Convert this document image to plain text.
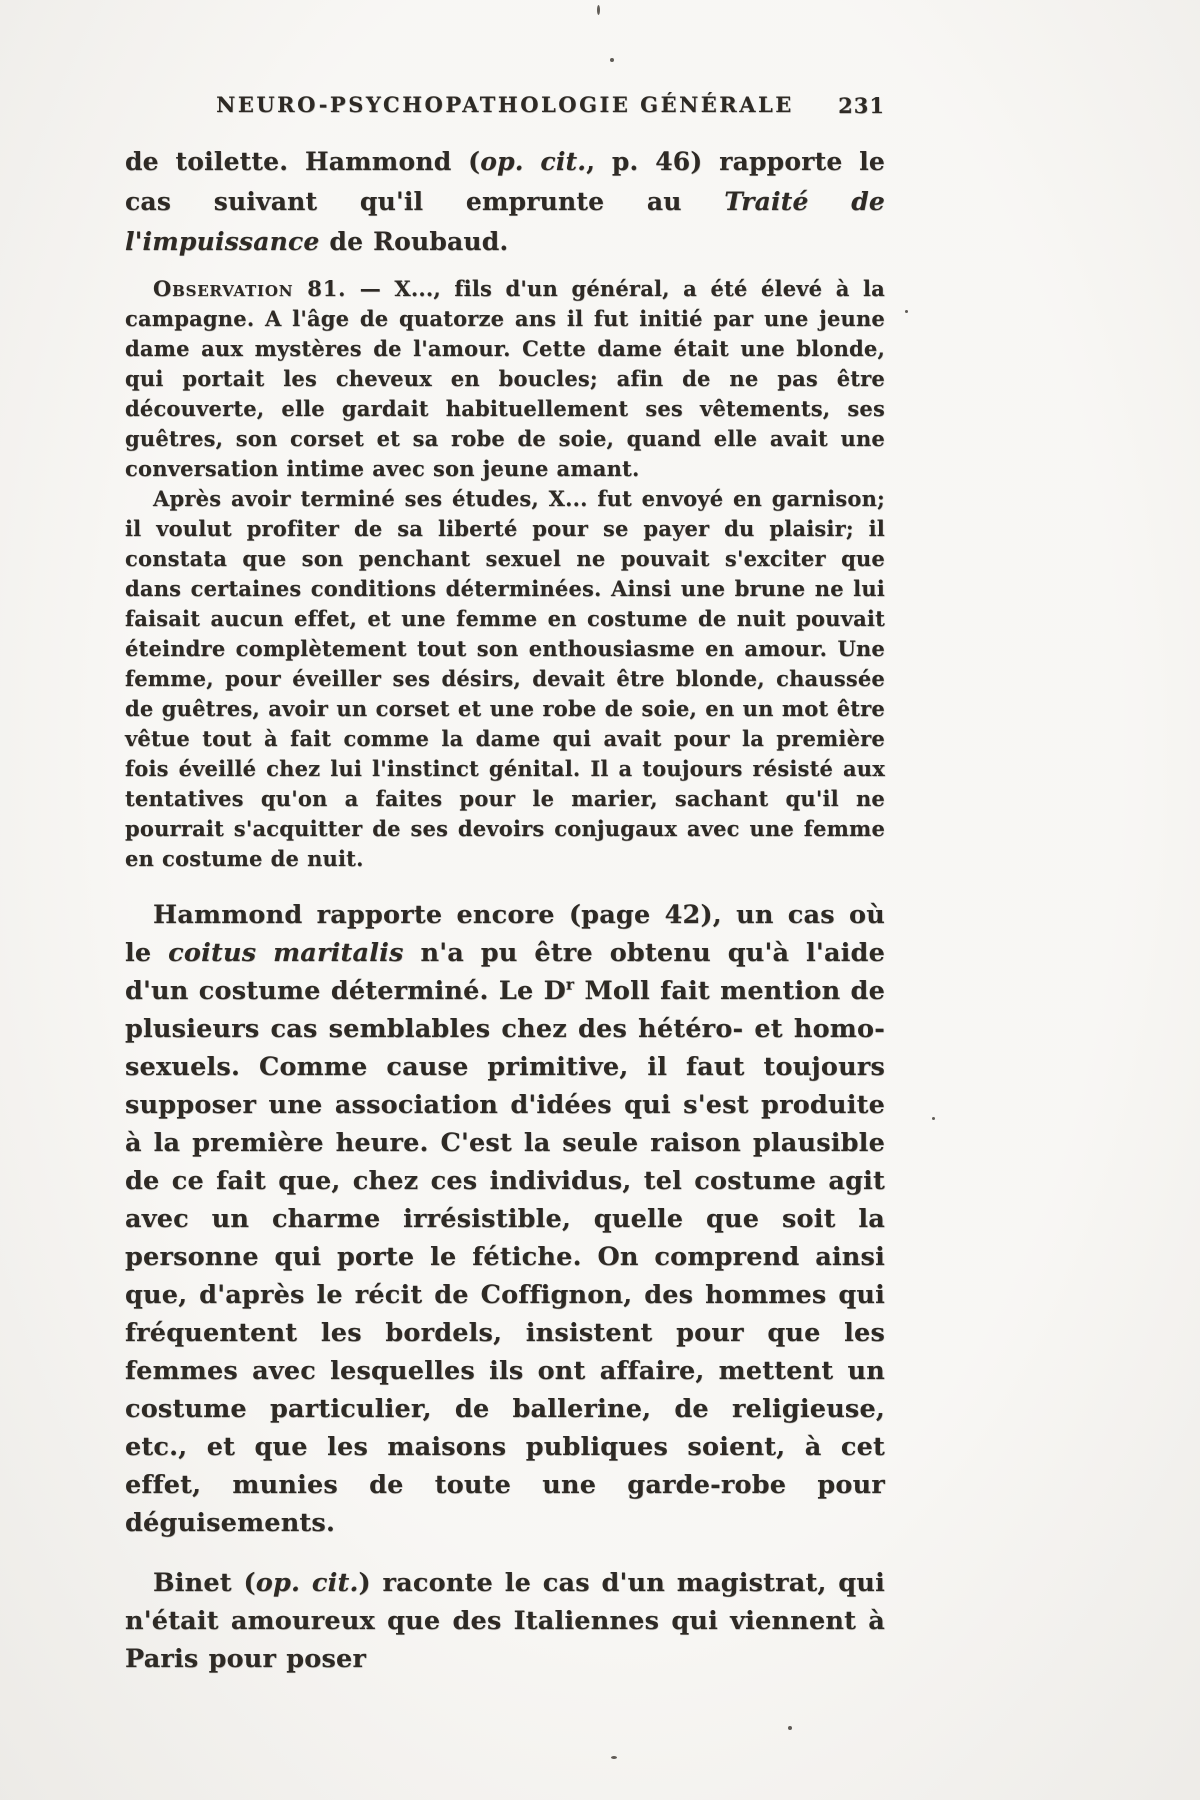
NEURO-PSYCHOPATHOLOGIE GÉNÉRALE 231

de toilette. Hammond (op. cit., p. 46) rapporte le cas suivant qu'il emprunte au Traité de l'impuissance de Roubaud.

Observation 81. — X..., fils d'un général, a été élevé à la campagne. A l'âge de quatorze ans il fut initié par une jeune dame aux mystères de l'amour. Cette dame était une blonde, qui portait les cheveux en boucles; afin de ne pas être découverte, elle gardait habituellement ses vêtements, ses guêtres, son corset et sa robe de soie, quand elle avait une conversation intime avec son jeune amant.

Après avoir terminé ses études, X... fut envoyé en garnison; il voulut profiter de sa liberté pour se payer du plaisir; il constata que son penchant sexuel ne pouvait s'exciter que dans certaines conditions déterminées. Ainsi une brune ne lui faisait aucun effet, et une femme en costume de nuit pouvait éteindre complètement tout son enthousiasme en amour. Une femme, pour éveiller ses désirs, devait être blonde, chaussée de guêtres, avoir un corset et une robe de soie, en un mot être vêtue tout à fait comme la dame qui avait pour la première fois éveillé chez lui l'instinct génital. Il a toujours résisté aux tentatives qu'on a faites pour le marier, sachant qu'il ne pourrait s'acquitter de ses devoirs conjugaux avec une femme en costume de nuit.

Hammond rapporte encore (page 42), un cas où le coitus maritalis n'a pu être obtenu qu'à l'aide d'un costume déterminé. Le $D^r$ Moll fait mention de plusieurs cas semblables chez des hétéro- et homo-sexuels. Comme cause primitive, il faut toujours supposer une association d'idées qui s'est produite à la première heure. C'est la seule raison plausible de ce fait que, chez ces individus, tel costume agit avec un charme irrésistible, quelle que soit la personne qui porte le fétiche. On comprend ainsi que, d'après le récit de Coffignon, des hommes qui fréquentent les bordels, insistent pour que les femmes avec lesquelles ils ont affaire, mettent un costume particulier, de ballerine, de religieuse, etc., et que les maisons publiques soient, à cet effet, munies de toute une garde-robe pour déguisements.

Binet (op. cit.) raconte le cas d'un magistrat, qui n'était amoureux que des Italiennes qui viennent à Paris pour poser
